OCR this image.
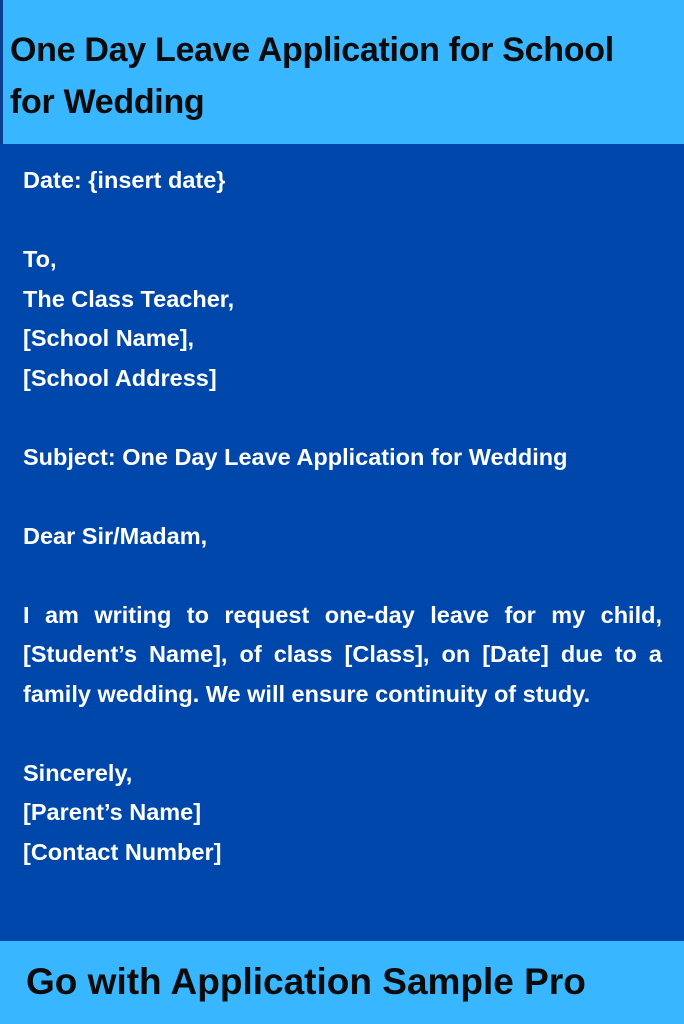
One Day Leave Application for School for Wedding
Date: {insert date}
To,
The Class Teacher,
[School Name],
[School Address]
Subject: One Day Leave Application for Wedding
Dear Sir/Madam,
I am writing to request one-day leave for my child, [Student’s Name], of class [Class], on [Date] due to a family wedding. We will ensure continuity of study.
Sincerely,
[Parent’s Name]
[Contact Number]

Go with Application Sample Pro
